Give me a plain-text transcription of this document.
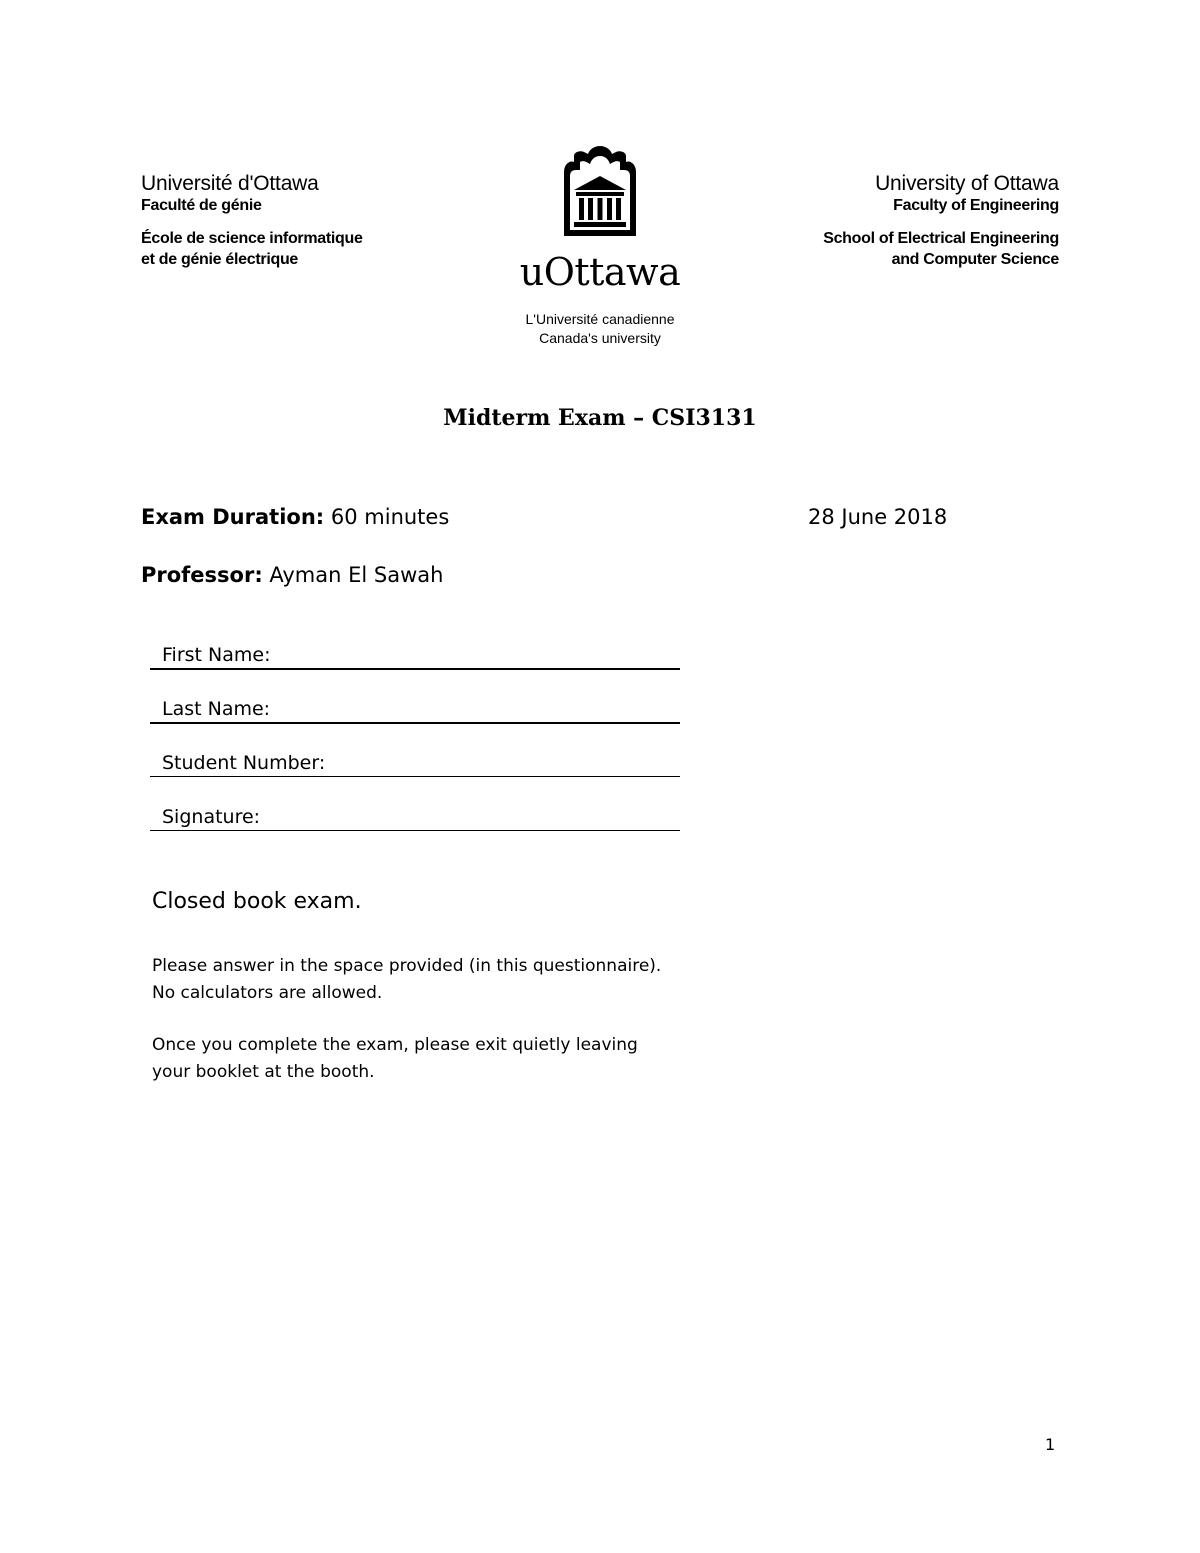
Université d'Ottawa
Faculté de génie
École de science informatique
et de génie électrique	uOttawa
L'Université canadienne
Canada's university
University of Ottawa
Faculty of Engineering
School of Electrical Engineering
and Computer Science
Midterm Exam – CSI3131
Exam Duration: 60 minutes	28 June 2018
Professor: Ayman El Sawah
First Name:
Last Name:
Student Number:
Signature:
Closed book exam.
Please answer in the space provided (in this questionnaire).
No calculators are allowed.
Once you complete the exam, please exit quietly leaving
your booklet at the booth.
1
